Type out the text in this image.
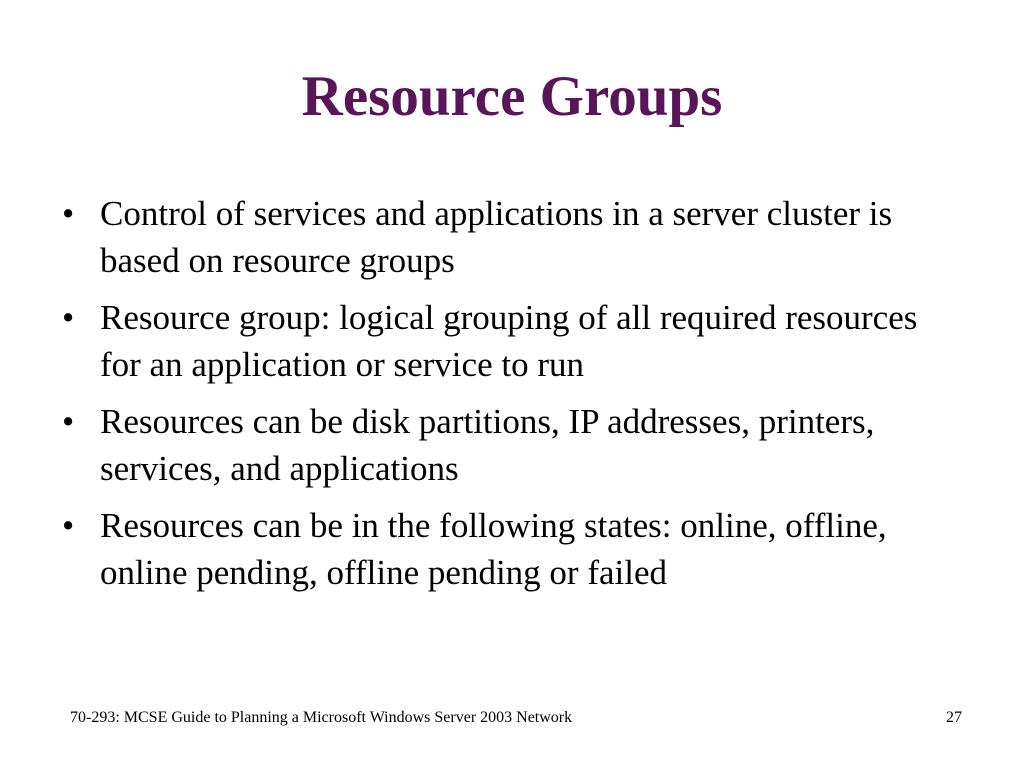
Resource Groups
• Control of services and applications in a server cluster is based on resource groups
• Resource group: logical grouping of all required resources for an application or service to run
• Resources can be disk partitions, IP addresses, printers, services, and applications
• Resources can be in the following states: online, offline, online pending, offline pending or failed
70-293: MCSE Guide to Planning a Microsoft Windows Server 2003 Network	27
